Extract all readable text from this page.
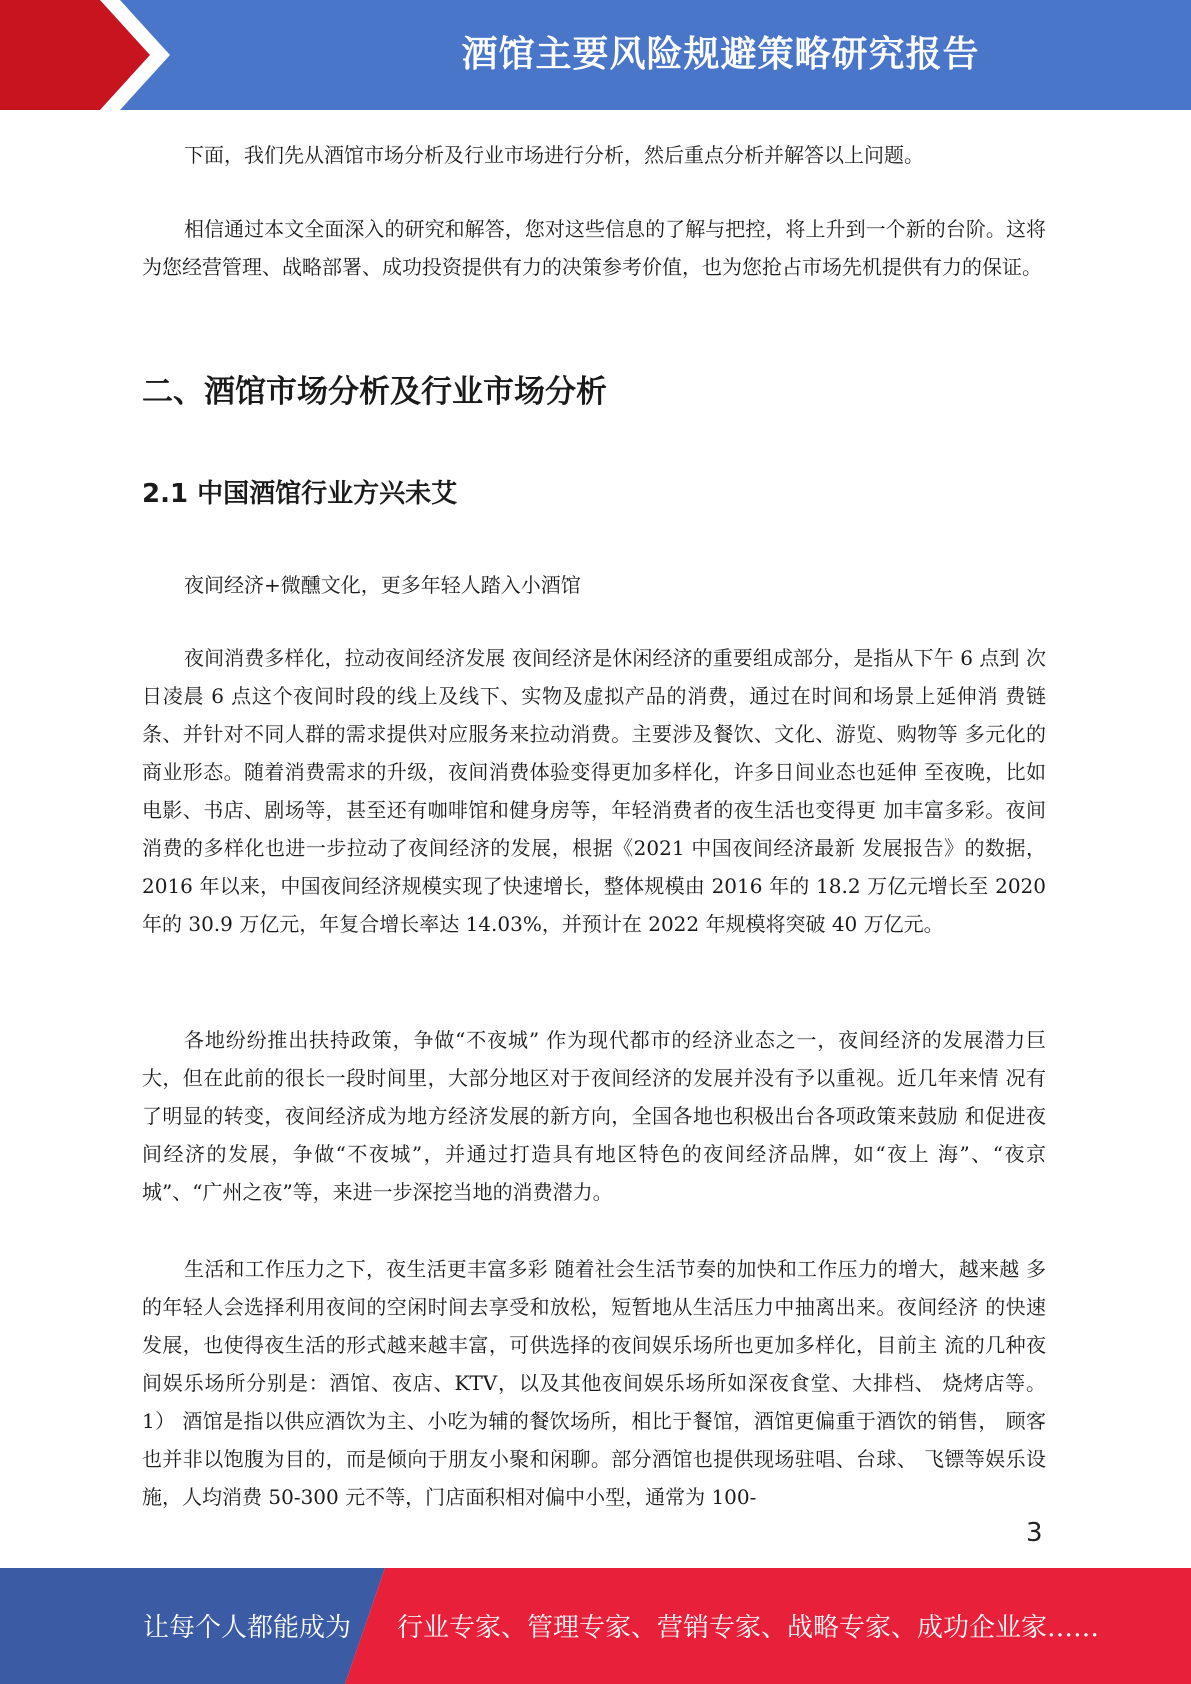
酒馆主要风险规避策略研究报告

下面，我们先从酒馆市场分析及行业市场进行分析，然后重点分析并解答以上问题。

相信通过本文全面深入的研究和解答，您对这些信息的了解与把控，将上升到一个新的台阶。这将为您经营管理、战略部署、成功投资提供有力的决策参考价值，也为您抢占市场先机提供有力的保证。

二、酒馆市场分析及行业市场分析
2.1 中国酒馆行业方兴未艾

夜间经济+微醺文化，更多年轻人踏入小酒馆

夜间消费多样化，拉动夜间经济发展 夜间经济是休闲经济的重要组成部分，是指从下午 6 点到 次日凌晨 6 点这个夜间时段的线上及线下、实物及虚拟产品的消费，通过在时间和场景上延伸消 费链条、并针对不同人群的需求提供对应服务来拉动消费。主要涉及餐饮、文化、游览、购物等 多元化的商业形态。随着消费需求的升级，夜间消费体验变得更加多样化，许多日间业态也延伸 至夜晚，比如电影、书店、剧场等，甚至还有咖啡馆和健身房等，年轻消费者的夜生活也变得更 加丰富多彩。夜间消费的多样化也进一步拉动了夜间经济的发展，根据《2021 中国夜间经济最新 发展报告》的数据，2016 年以来，中国夜间经济规模实现了快速增长，整体规模由 2016 年的 18.2 万亿元增长至 2020 年的 30.9 万亿元，年复合增长率达 14.03%，并预计在 2022 年规模将突破 40 万亿元。

各地纷纷推出扶持政策，争做“不夜城” 作为现代都市的经济业态之一，夜间经济的发展潜力巨 大，但在此前的很长一段时间里，大部分地区对于夜间经济的发展并没有予以重视。近几年来情 况有了明显的转变，夜间经济成为地方经济发展的新方向，全国各地也积极出台各项政策来鼓励 和促进夜间经济的发展，争做“不夜城”，并通过打造具有地区特色的夜间经济品牌，如“夜上 海”、“夜京城”、“广州之夜”等，来进一步深挖当地的消费潜力。

生活和工作压力之下，夜生活更丰富多彩 随着社会生活节奏的加快和工作压力的增大，越来越 多的年轻人会选择利用夜间的空闲时间去享受和放松，短暂地从生活压力中抽离出来。夜间经济 的快速发展，也使得夜生活的形式越来越丰富，可供选择的夜间娱乐场所也更加多样化，目前主 流的几种夜间娱乐场所分别是：酒馆、夜店、KTV，以及其他夜间娱乐场所如深夜食堂、大排档、 烧烤店等。 1） 酒馆是指以供应酒饮为主、小吃为辅的餐饮场所，相比于餐馆，酒馆更偏重于酒饮的销售， 顾客也并非以饱腹为目的，而是倾向于朋友小聚和闲聊。部分酒馆也提供现场驻唱、台球、 飞镖等娱乐设施，人均消费 50-300 元不等，门店面积相对偏中小型，通常为 100-

3
让每个人都能成为 行业专家、管理专家、营销专家、战略专家、成功企业家……
